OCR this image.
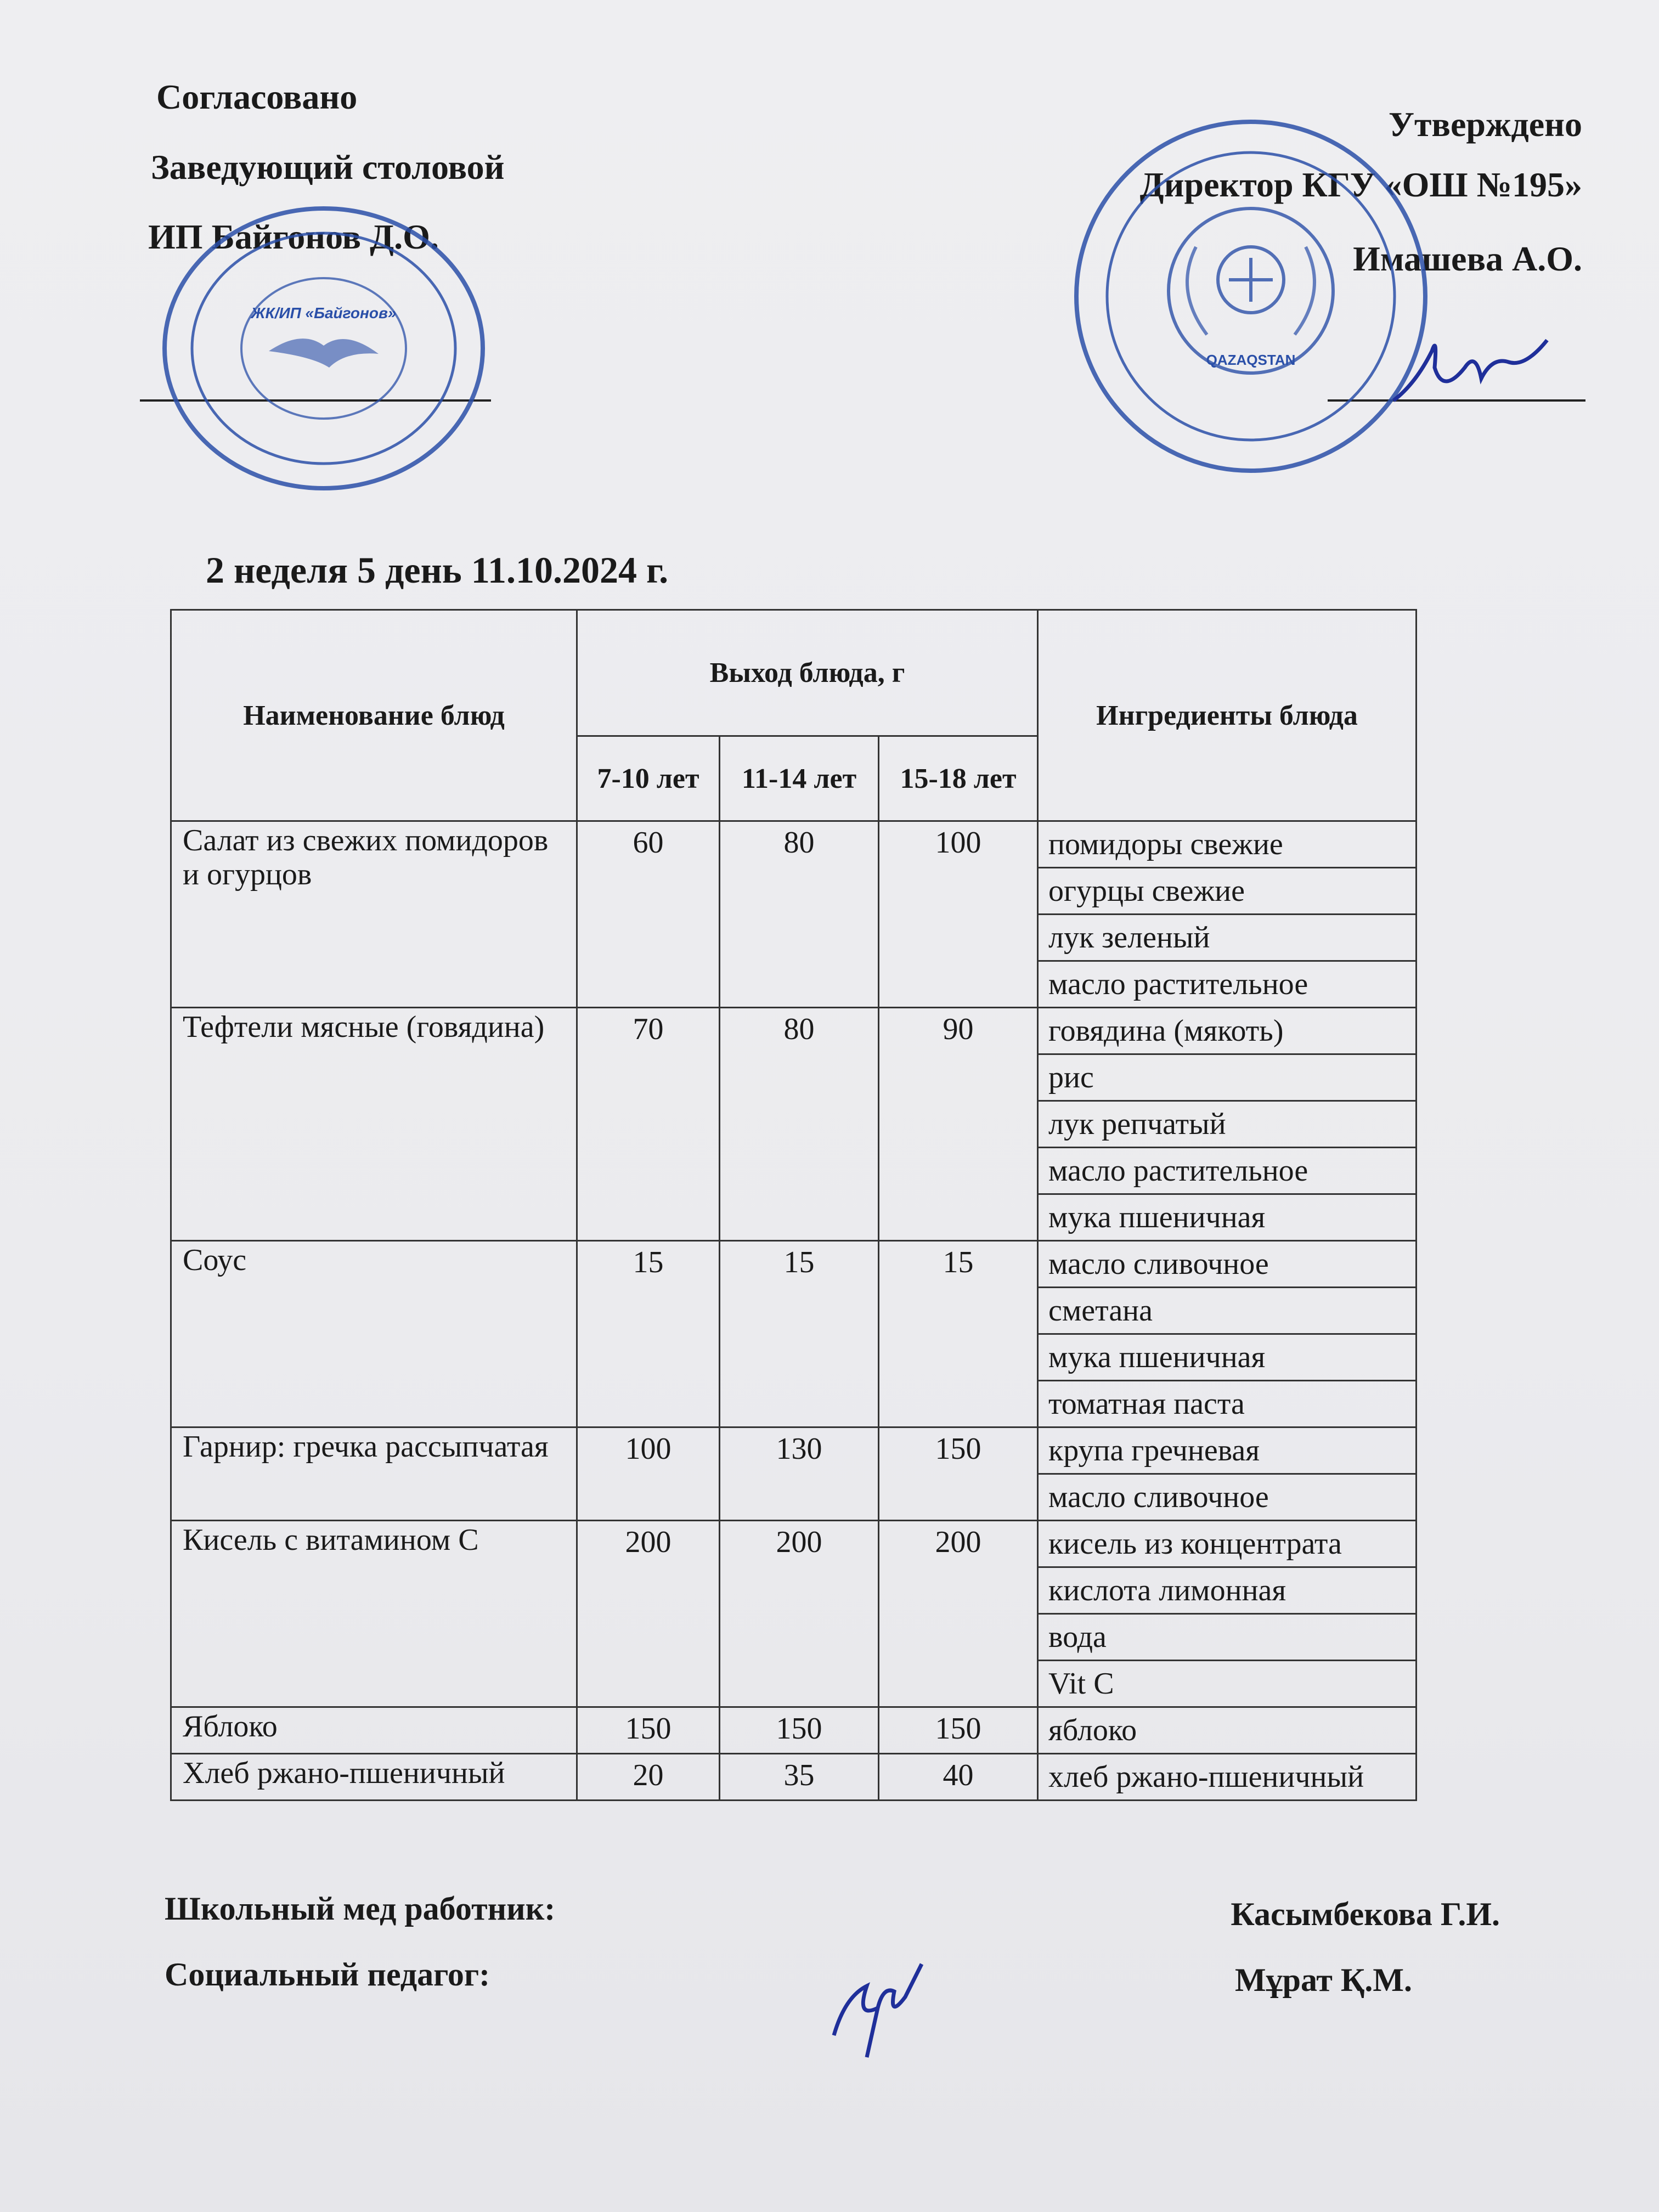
Согласовано
Заведующий столовой
ИП Байгонов Д.О.
Утверждено
Директор КГУ «ОШ №195»
Имашева А.О.
ЖК/ИП «Байгонов»
QAZAQSTAN
2 неделя 5 день 11.10.2024 г.
Наименование блюд	Выход блюда, г			Ингредиенты блюда
	7-10 лет	11-14 лет	15-18 лет	
Салат из свежих помидоров и огурцов	60	80	100	помидоры свежие
огурцы свежие
лук зеленый
масло растительное

Тефтели мясные (говядина)	70	80	90	говядина (мякоть)
рис
лук репчатый
масло растительное
мука пшеничная

Соус	15	15	15	масло сливочное
сметана
мука пшеничная
томатная паста

Гарнир: гречка рассыпчатая	100	130	150	крупа гречневая
масло сливочное

Кисель с витамином С	200	200	200	кисель из концентрата
кислота лимонная
вода
Vit C

Яблоко	150	150	150	яблоко

Хлеб ржано-пшеничный	20	35	40	хлеб ржано-пшеничный
Школьный мед работник:	Касымбекова Г.И.
Социальный педагог:	Мұрат Қ.М.
